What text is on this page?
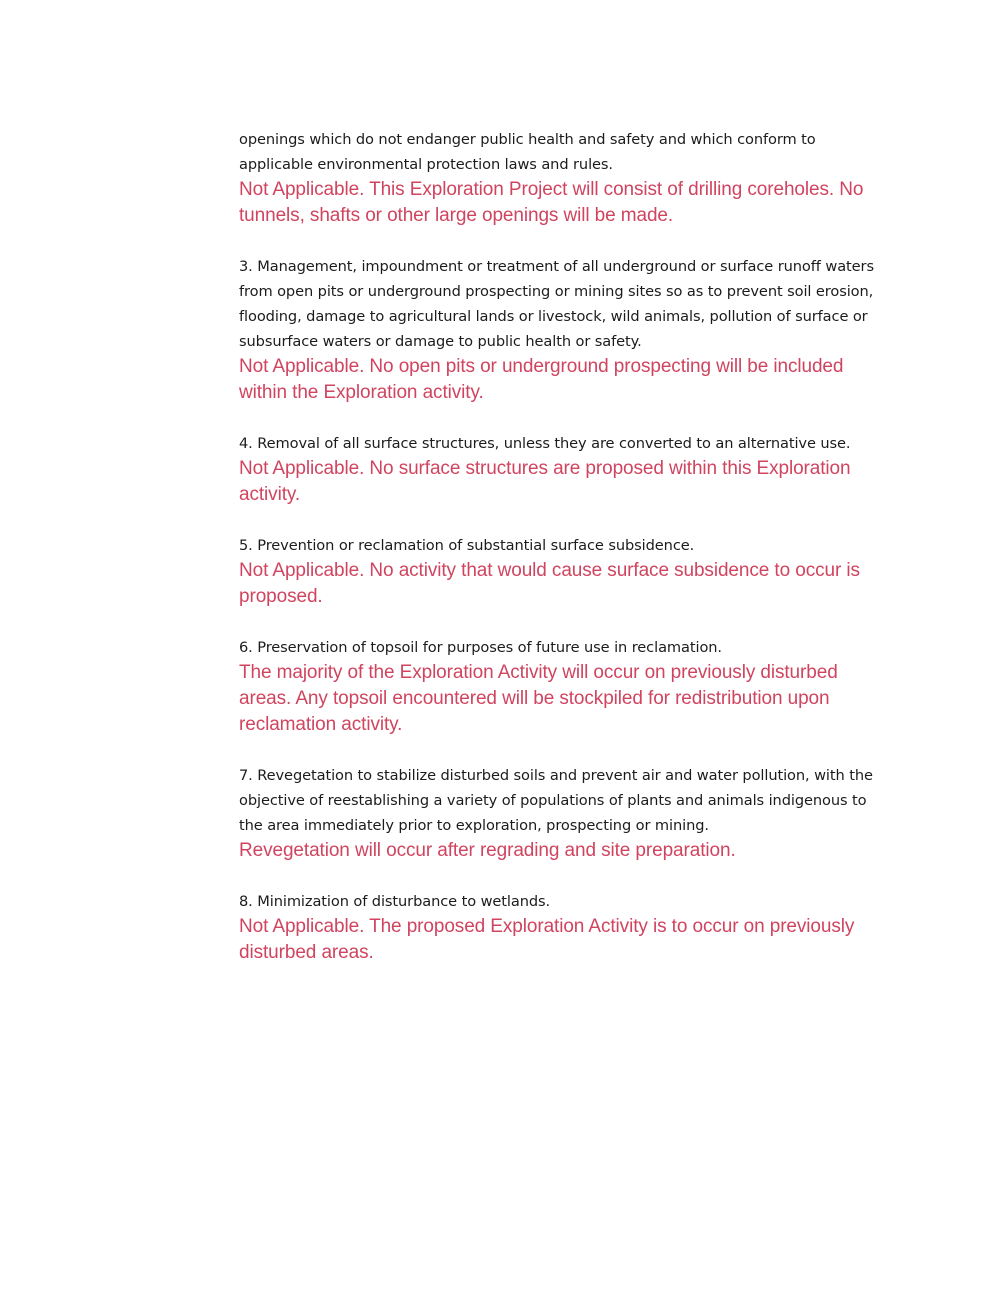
openings which do not endanger public health and safety and which conform to applicable environmental protection laws and rules.

Not Applicable. This Exploration Project will consist of drilling coreholes. No tunnels, shafts or other large openings will be made.

3. Management, impoundment or treatment of all underground or surface runoff waters from open pits or underground prospecting or mining sites so as to prevent soil erosion, flooding, damage to agricultural lands or livestock, wild animals, pollution of surface or subsurface waters or damage to public health or safety.

Not Applicable. No open pits or underground prospecting will be included within the Exploration activity.

4. Removal of all surface structures, unless they are converted to an alternative use.

Not Applicable. No surface structures are proposed within this Exploration activity.

5. Prevention or reclamation of substantial surface subsidence.

Not Applicable. No activity that would cause surface subsidence to occur is proposed.

6. Preservation of topsoil for purposes of future use in reclamation.

The majority of the Exploration Activity will occur on previously disturbed areas. Any topsoil encountered will be stockpiled for redistribution upon reclamation activity.

7. Revegetation to stabilize disturbed soils and prevent air and water pollution, with the objective of reestablishing a variety of populations of plants and animals indigenous to the area immediately prior to exploration, prospecting or mining.

Revegetation will occur after regrading and site preparation.

8. Minimization of disturbance to wetlands.

Not Applicable. The proposed Exploration Activity is to occur on previously disturbed areas.
